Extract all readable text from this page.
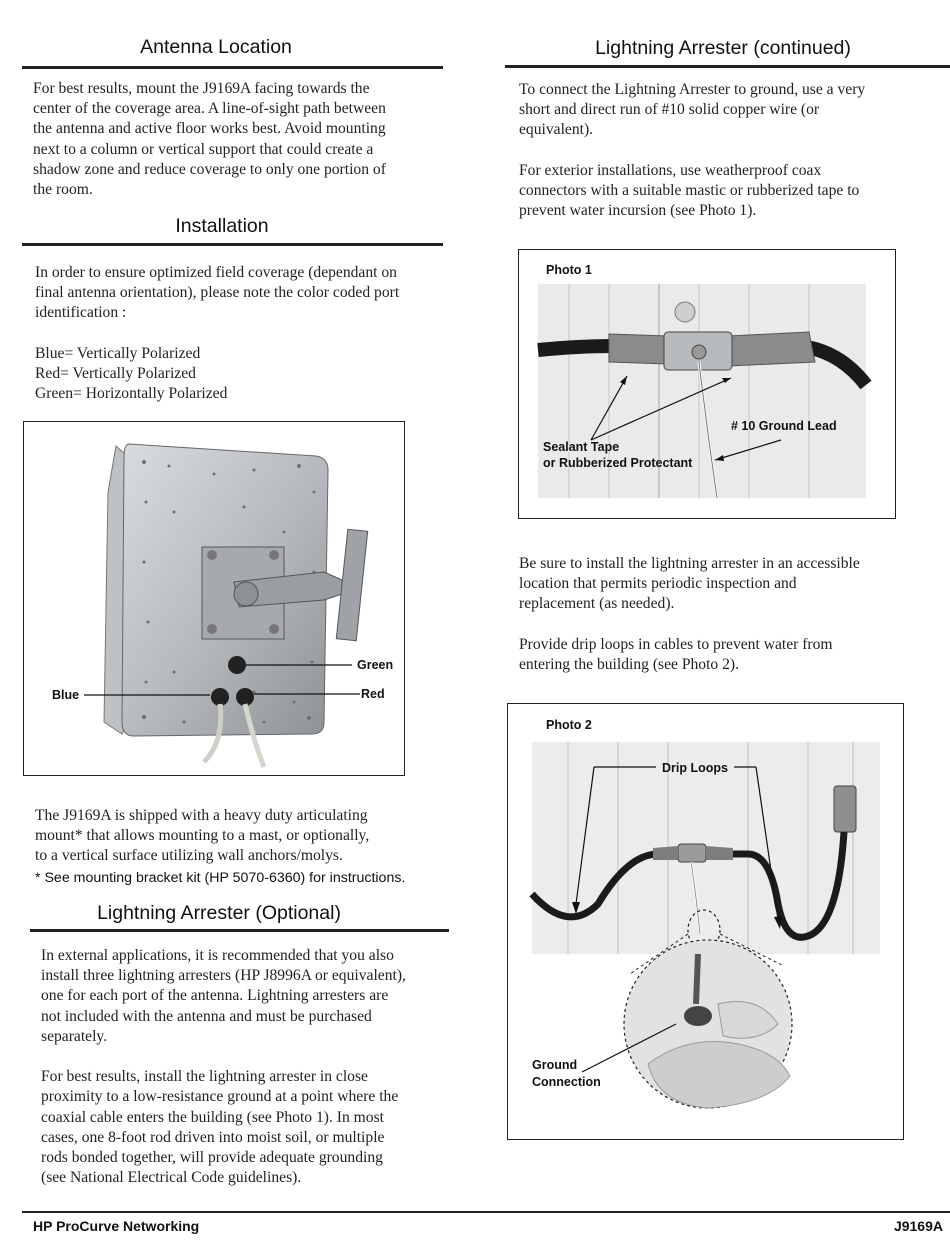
Antenna Location
For best results, mount the J9169A facing towards the
center of the coverage area. A line-of-sight path between
the antenna and active floor works best. Avoid mounting
next to a column or vertical support that could create a
shadow zone and reduce coverage to only one portion of
the room.
Installation
In order to ensure optimized field coverage (dependant on
final antenna orientation), please note the color coded port
identification :

Blue= Vertically Polarized
Red= Vertically Polarized
Green= Horizontally Polarized
Green
Red
Blue
The J9169A is shipped with a heavy duty articulating
mount* that allows mounting to a mast, or optionally,
to a vertical surface utilizing wall anchors/molys.
* See mounting bracket kit (HP 5070-6360) for instructions.
Lightning Arrester (Optional)
In external applications, it is recommended that you also
install three lightning arresters (HP J8996A or equivalent),
one for each port of the antenna. Lightning arresters are
not included with the antenna and must be purchased
separately.

For best results, install the lightning arrester in close
proximity to a low-resistance ground at a point where the
coaxial cable enters the building (see Photo 1). In most
cases, one 8-foot rod driven into moist soil, or multiple
rods bonded together, will provide adequate grounding
(see National Electrical Code guidelines).
Lightning Arrester (continued)
To connect the Lightning Arrester to ground, use a very
short and direct run of #10 solid copper wire (or
equivalent).

For exterior installations, use weatherproof coax
connectors with a suitable mastic or rubberized tape to
prevent water incursion (see Photo 1).
Photo 1
# 10 Ground Lead
Sealant Tape
or Rubberized Protectant
Be sure to install the lightning arrester in an accessible
location that permits periodic inspection and
replacement (as needed).

Provide drip loops in cables to prevent water from
entering the building (see Photo 2).
Photo 2
Drip Loops
Ground
Connection
HP ProCurve Networking	J9169A
